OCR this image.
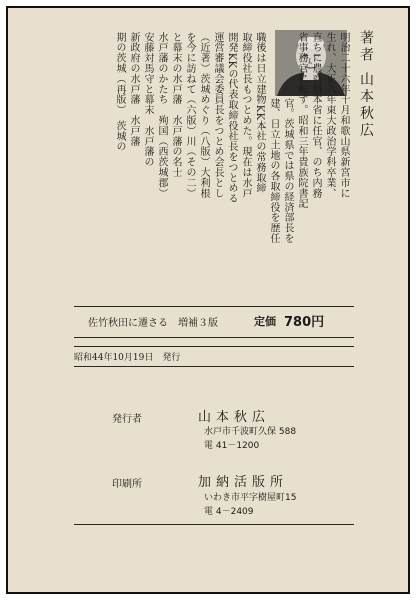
著者 山本秋広
明治二十六年十月和歌山県新宮市に
生れ、大正八年東大政治学科卒業、
直ちに農商務本省に任官、のち内務
省事務官に転ず。昭和三年貴族院書記
官。茨城県では県の経済部長を
建、日立土地の各取締役を歴任
職後は日立建物KK本社の常務取締
取締役社長もつとめた。現在は水戸
開発KKの代表取締役社長をつとめる
運営審議会委員長をつとめ会長とし
（近著）茨城めぐり（八版）大利根
を今に訪ねて（六版）川（その二）
と幕末の水戸藩　水戸藩の名士
水戸藩のかたち　殉国（西茨城郡）
安藤対馬守と幕末　水戸藩の
新政府の水戸藩　水戸藩
期の茨城（再版）　茨城の
佐竹秋田に遷さる　増補３版	定価 780円
昭和44年10月19日　発行
発行者	山本秋広
水戸市千波町久保 588
電 41－1200
印刷所	加納活版所
いわき市平字樹屋町15
電 4－2409
